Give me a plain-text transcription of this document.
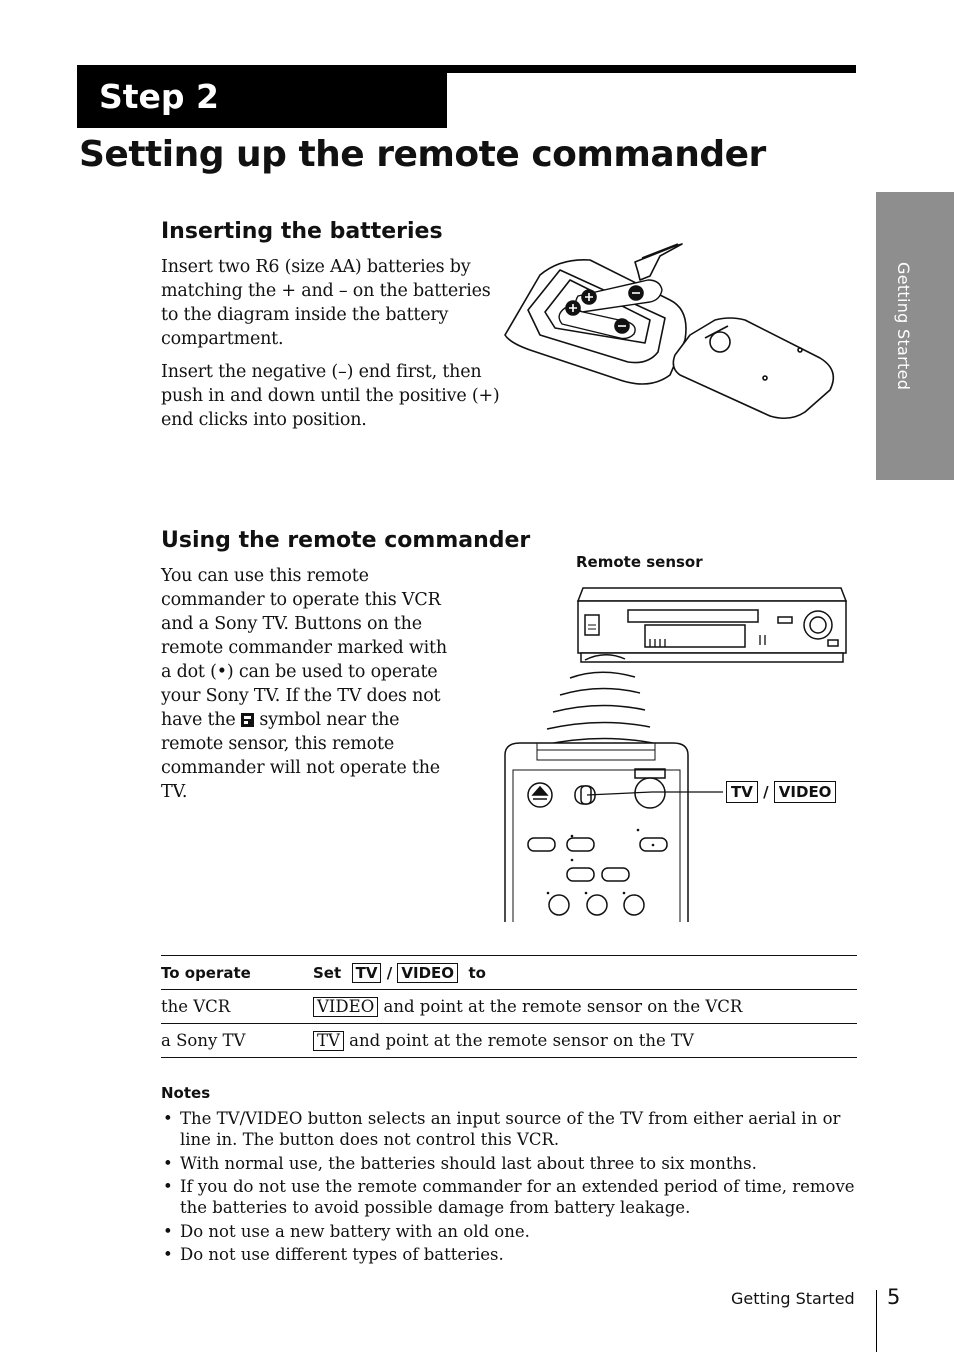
Step 2
Setting up the remote commander
Getting Started
Inserting the batteries

Insert two R6 (size AA) batteries by matching the + and – on the batteries to the diagram inside the battery compartment.

Insert the negative (–) end first, then push in and down until the positive (+) end clicks into position.

Using the remote commander

You can use this remote commander to operate this VCR and a Sony TV. Buttons on the remote commander marked with a dot (•) can be used to operate your Sony TV. If the TV does not have the symbol near the remote sensor, this remote commander will not operate the TV.

Remote sensor
TV / VIDEO
To operate	Set TV / VIDEO to
the VCR	VIDEO and point at the remote sensor on the VCR
a Sony TV	TV and point at the remote sensor on the TV
Notes
• The TV/VIDEO button selects an input source of the TV from either aerial in or line in. The button does not control this VCR.
• With normal use, the batteries should last about three to six months.
• If you do not use the remote commander for an extended period of time, remove the batteries to avoid possible damage from battery leakage.
• Do not use a new battery with an old one.
• Do not use different types of batteries.
Getting Started 5
